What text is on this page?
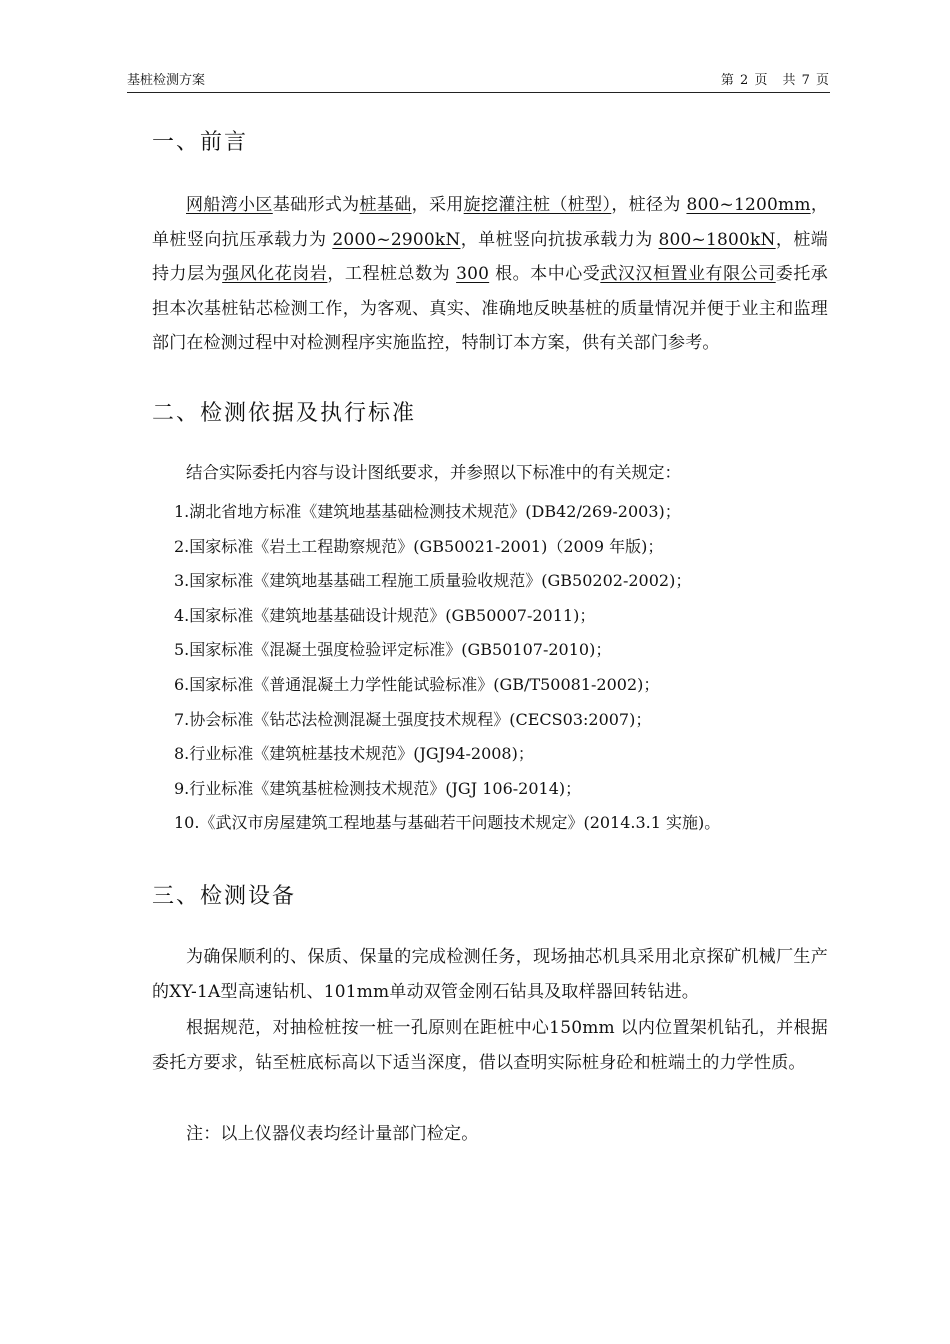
基桩检测方案	第 2 页　共 7 页
一、前言
网船湾小区基础形式为桩基础，采用旋挖灌注桩（桩型），桩径为 800~1200mm，单桩竖向抗压承载力为 2000~2900kN，单桩竖向抗拔承载力为 800~1800kN，桩端持力层为强风化花岗岩，工程桩总数为 300 根。本中心受武汉汉桓置业有限公司委托承担本次基桩钻芯检测工作，为客观、真实、准确地反映基桩的质量情况并便于业主和监理部门在检测过程中对检测程序实施监控，特制订本方案，供有关部门参考。
二、检测依据及执行标准
结合实际委托内容与设计图纸要求，并参照以下标准中的有关规定：
1.湖北省地方标准《建筑地基基础检测技术规范》(DB42/269-2003)；
2.国家标准《岩土工程勘察规范》(GB50021-2001)（2009 年版)；
3.国家标准《建筑地基基础工程施工质量验收规范》(GB50202-2002)；
4.国家标准《建筑地基基础设计规范》(GB50007-2011)；
5.国家标准《混凝土强度检验评定标准》(GB50107-2010)；
6.国家标准《普通混凝土力学性能试验标准》(GB/T50081-2002)；
7.协会标准《钻芯法检测混凝土强度技术规程》(CECS03:2007)；
8.行业标准《建筑桩基技术规范》(JGJ94-2008)；
9.行业标准《建筑基桩检测技术规范》(JGJ 106-2014)；
10.《武汉市房屋建筑工程地基与基础若干问题技术规定》(2014.3.1 实施)。
三、检测设备
为确保顺利的、保质、保量的完成检测任务，现场抽芯机具采用北京探矿机械厂生产的XY-1A型高速钻机、101mm单动双管金刚石钻具及取样器回转钻进。
根据规范，对抽检桩按一桩一孔原则在距桩中心150mm 以内位置架机钻孔，并根据委托方要求，钻至桩底标高以下适当深度，借以查明实际桩身砼和桩端土的力学性质。
注：以上仪器仪表均经计量部门检定。
